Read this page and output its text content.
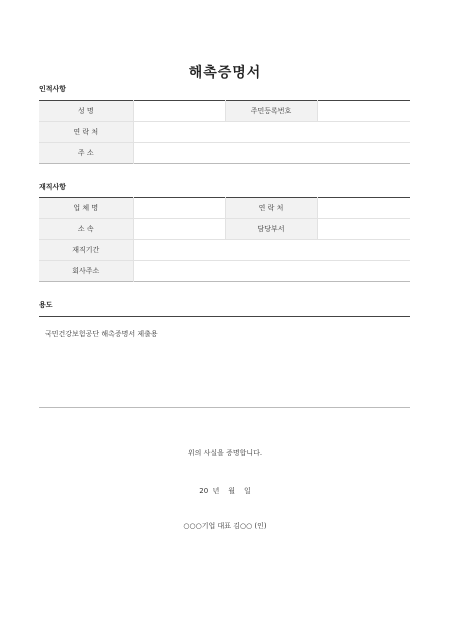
해촉증명서
인적사항
성 명		주민등록번호	
연 락 처			
주 소			
재직사항
업 체 명		연 락 처	
소 속		담당부서	
재직기간			
회사주소			
용도
국민건강보험공단 해촉증명서 제출용
위의 사실을 증명합니다.
20  년    월    일
○○○기업 대표 김○○ (인)
